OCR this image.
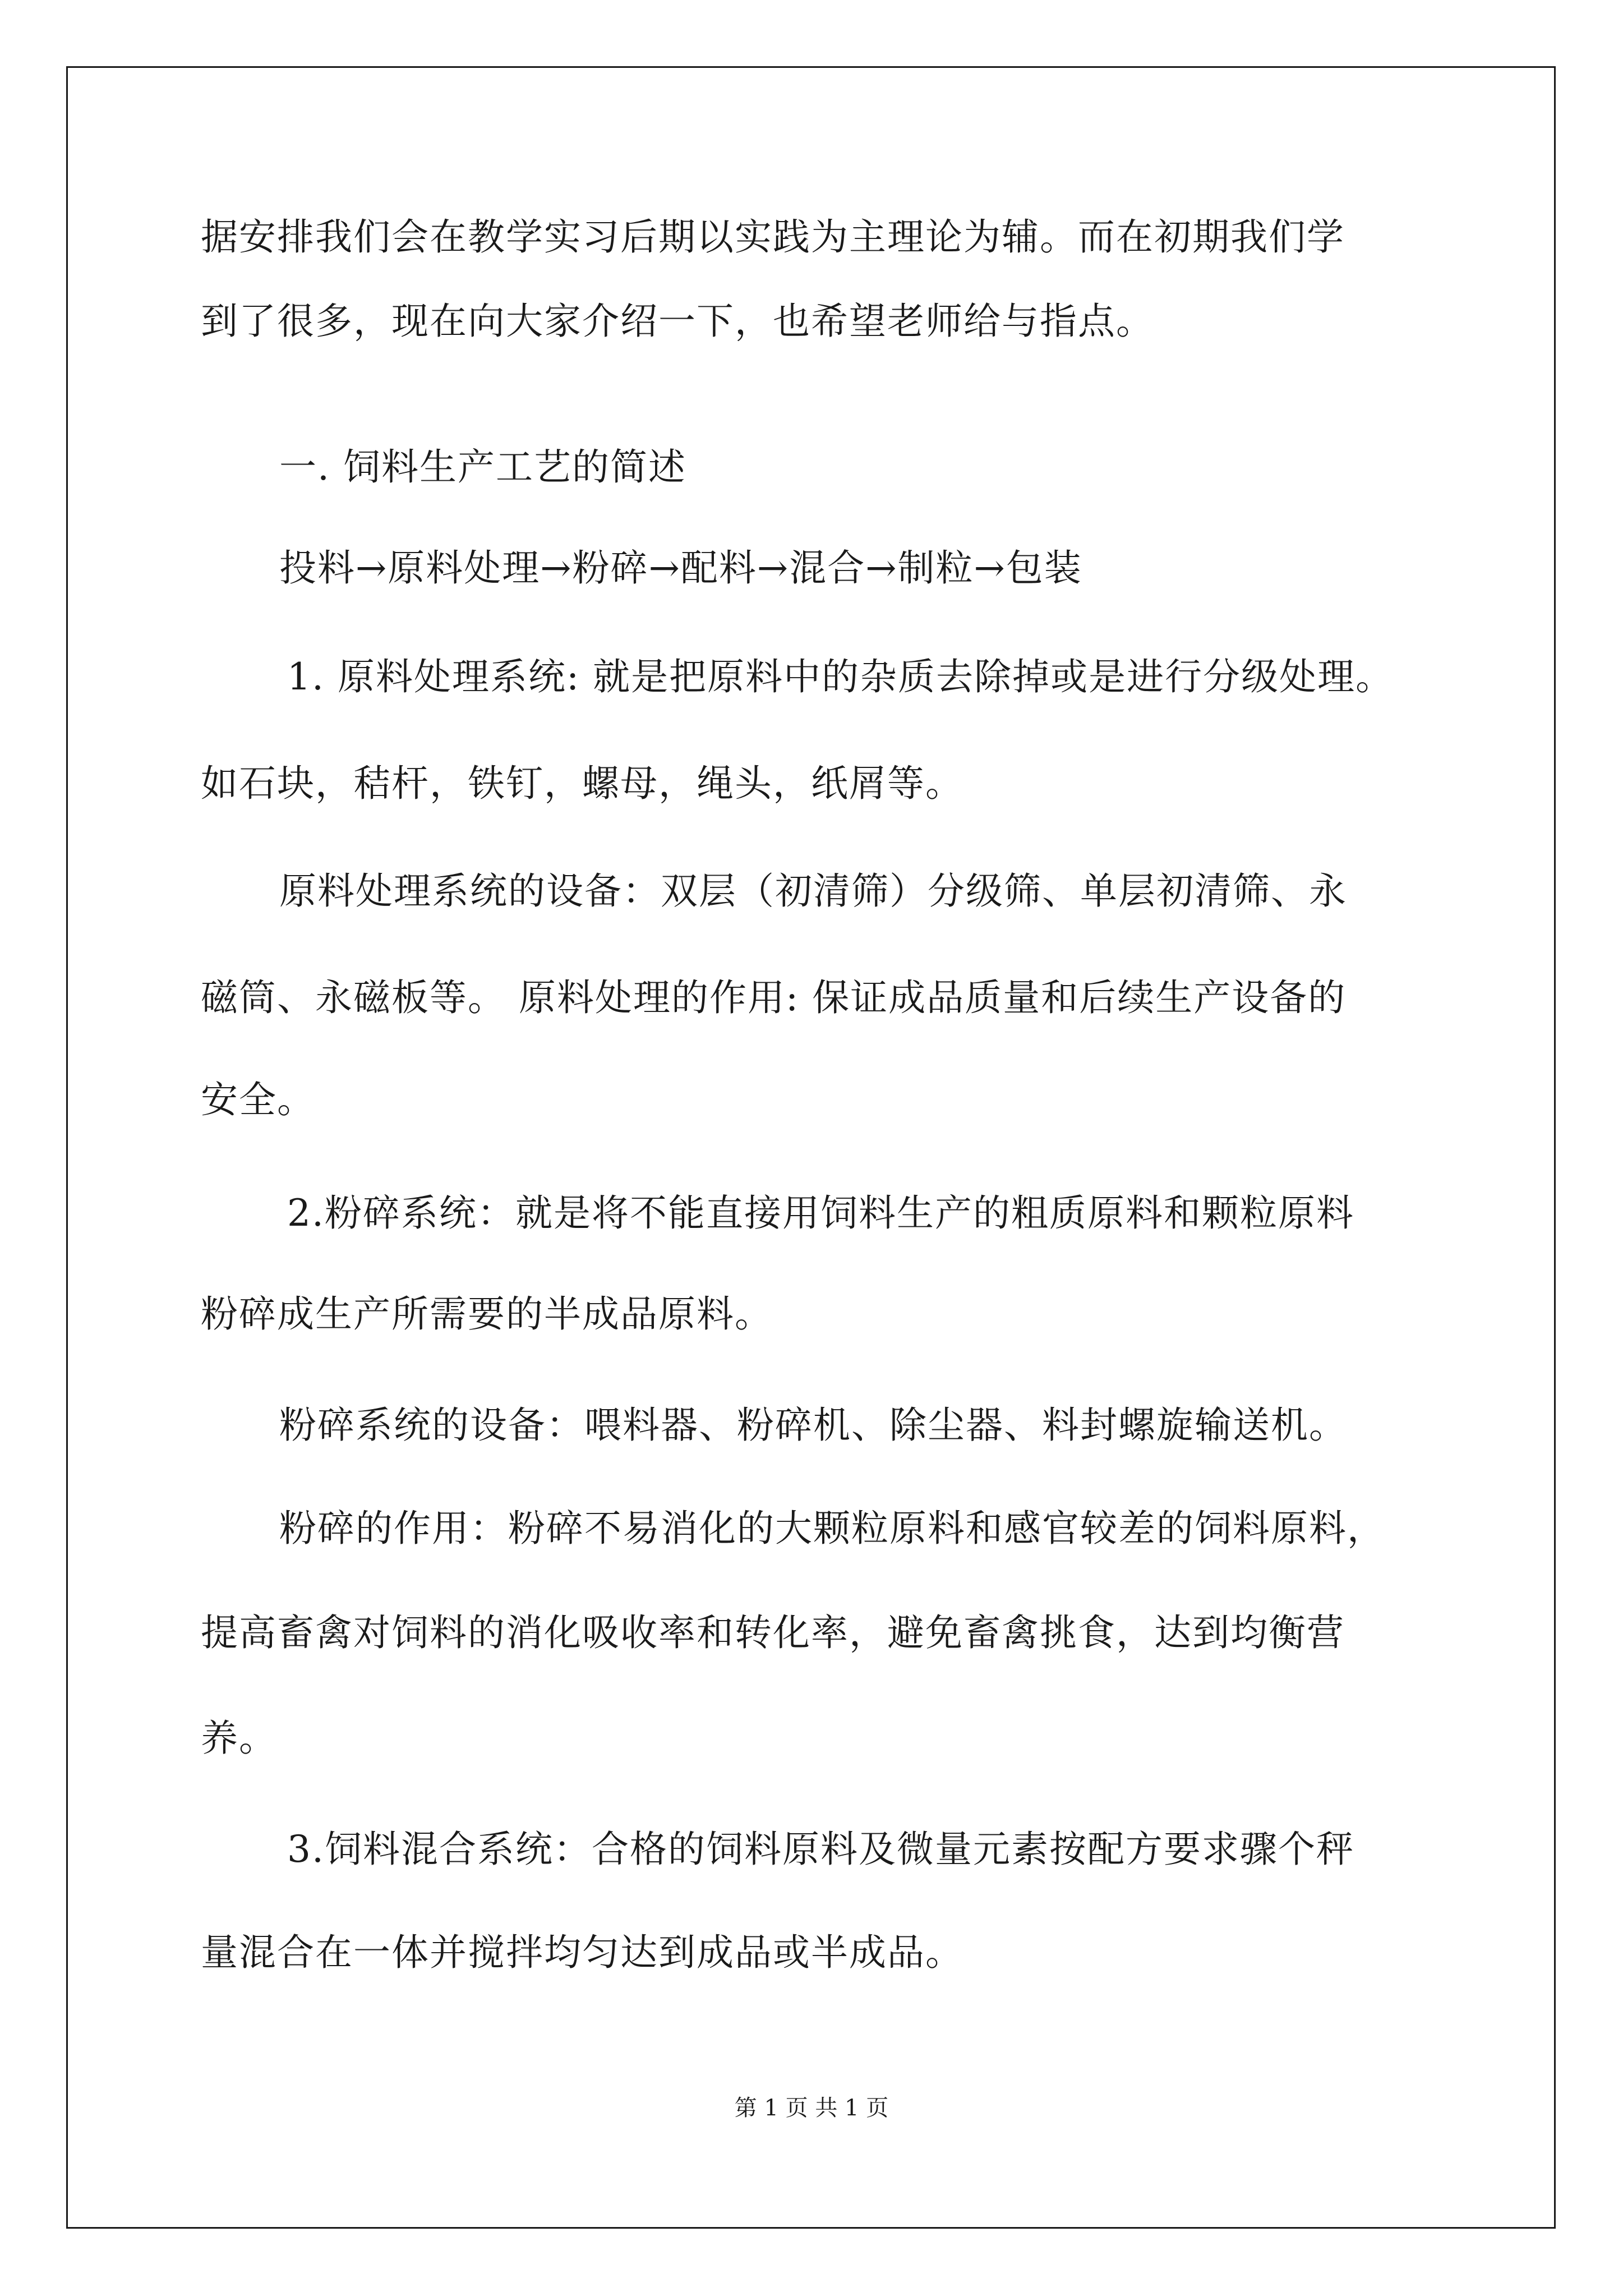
据安排我们会在教学实习后期以实践为主理论为辅。而在初期我们学
到了很多，现在向大家介绍一下，也希望老师给与指点。
一. 饲料生产工艺的简述
投料→原料处理→粉碎→配料→混合→制粒→包装
1. 原料处理系统: 就是把原料中的杂质去除掉或是进行分级处理。
如石块，秸杆，铁钉，螺母，绳头，纸屑等。
原料处理系统的设备：双层（初清筛）分级筛、单层初清筛、永
磁筒、永磁板等。 原料处理的作用: 保证成品质量和后续生产设备的
安全。
2.粉碎系统：就是将不能直接用饲料生产的粗质原料和颗粒原料
粉碎成生产所需要的半成品原料。
粉碎系统的设备：喂料器、粉碎机、除尘器、料封螺旋输送机。
粉碎的作用：粉碎不易消化的大颗粒原料和感官较差的饲料原料，
提高畜禽对饲料的消化吸收率和转化率，避免畜禽挑食，达到均衡营
养。
3.饲料混合系统：合格的饲料原料及微量元素按配方要求骤个秤
量混合在一体并搅拌均匀达到成品或半成品。
第 1 页 共 1 页
